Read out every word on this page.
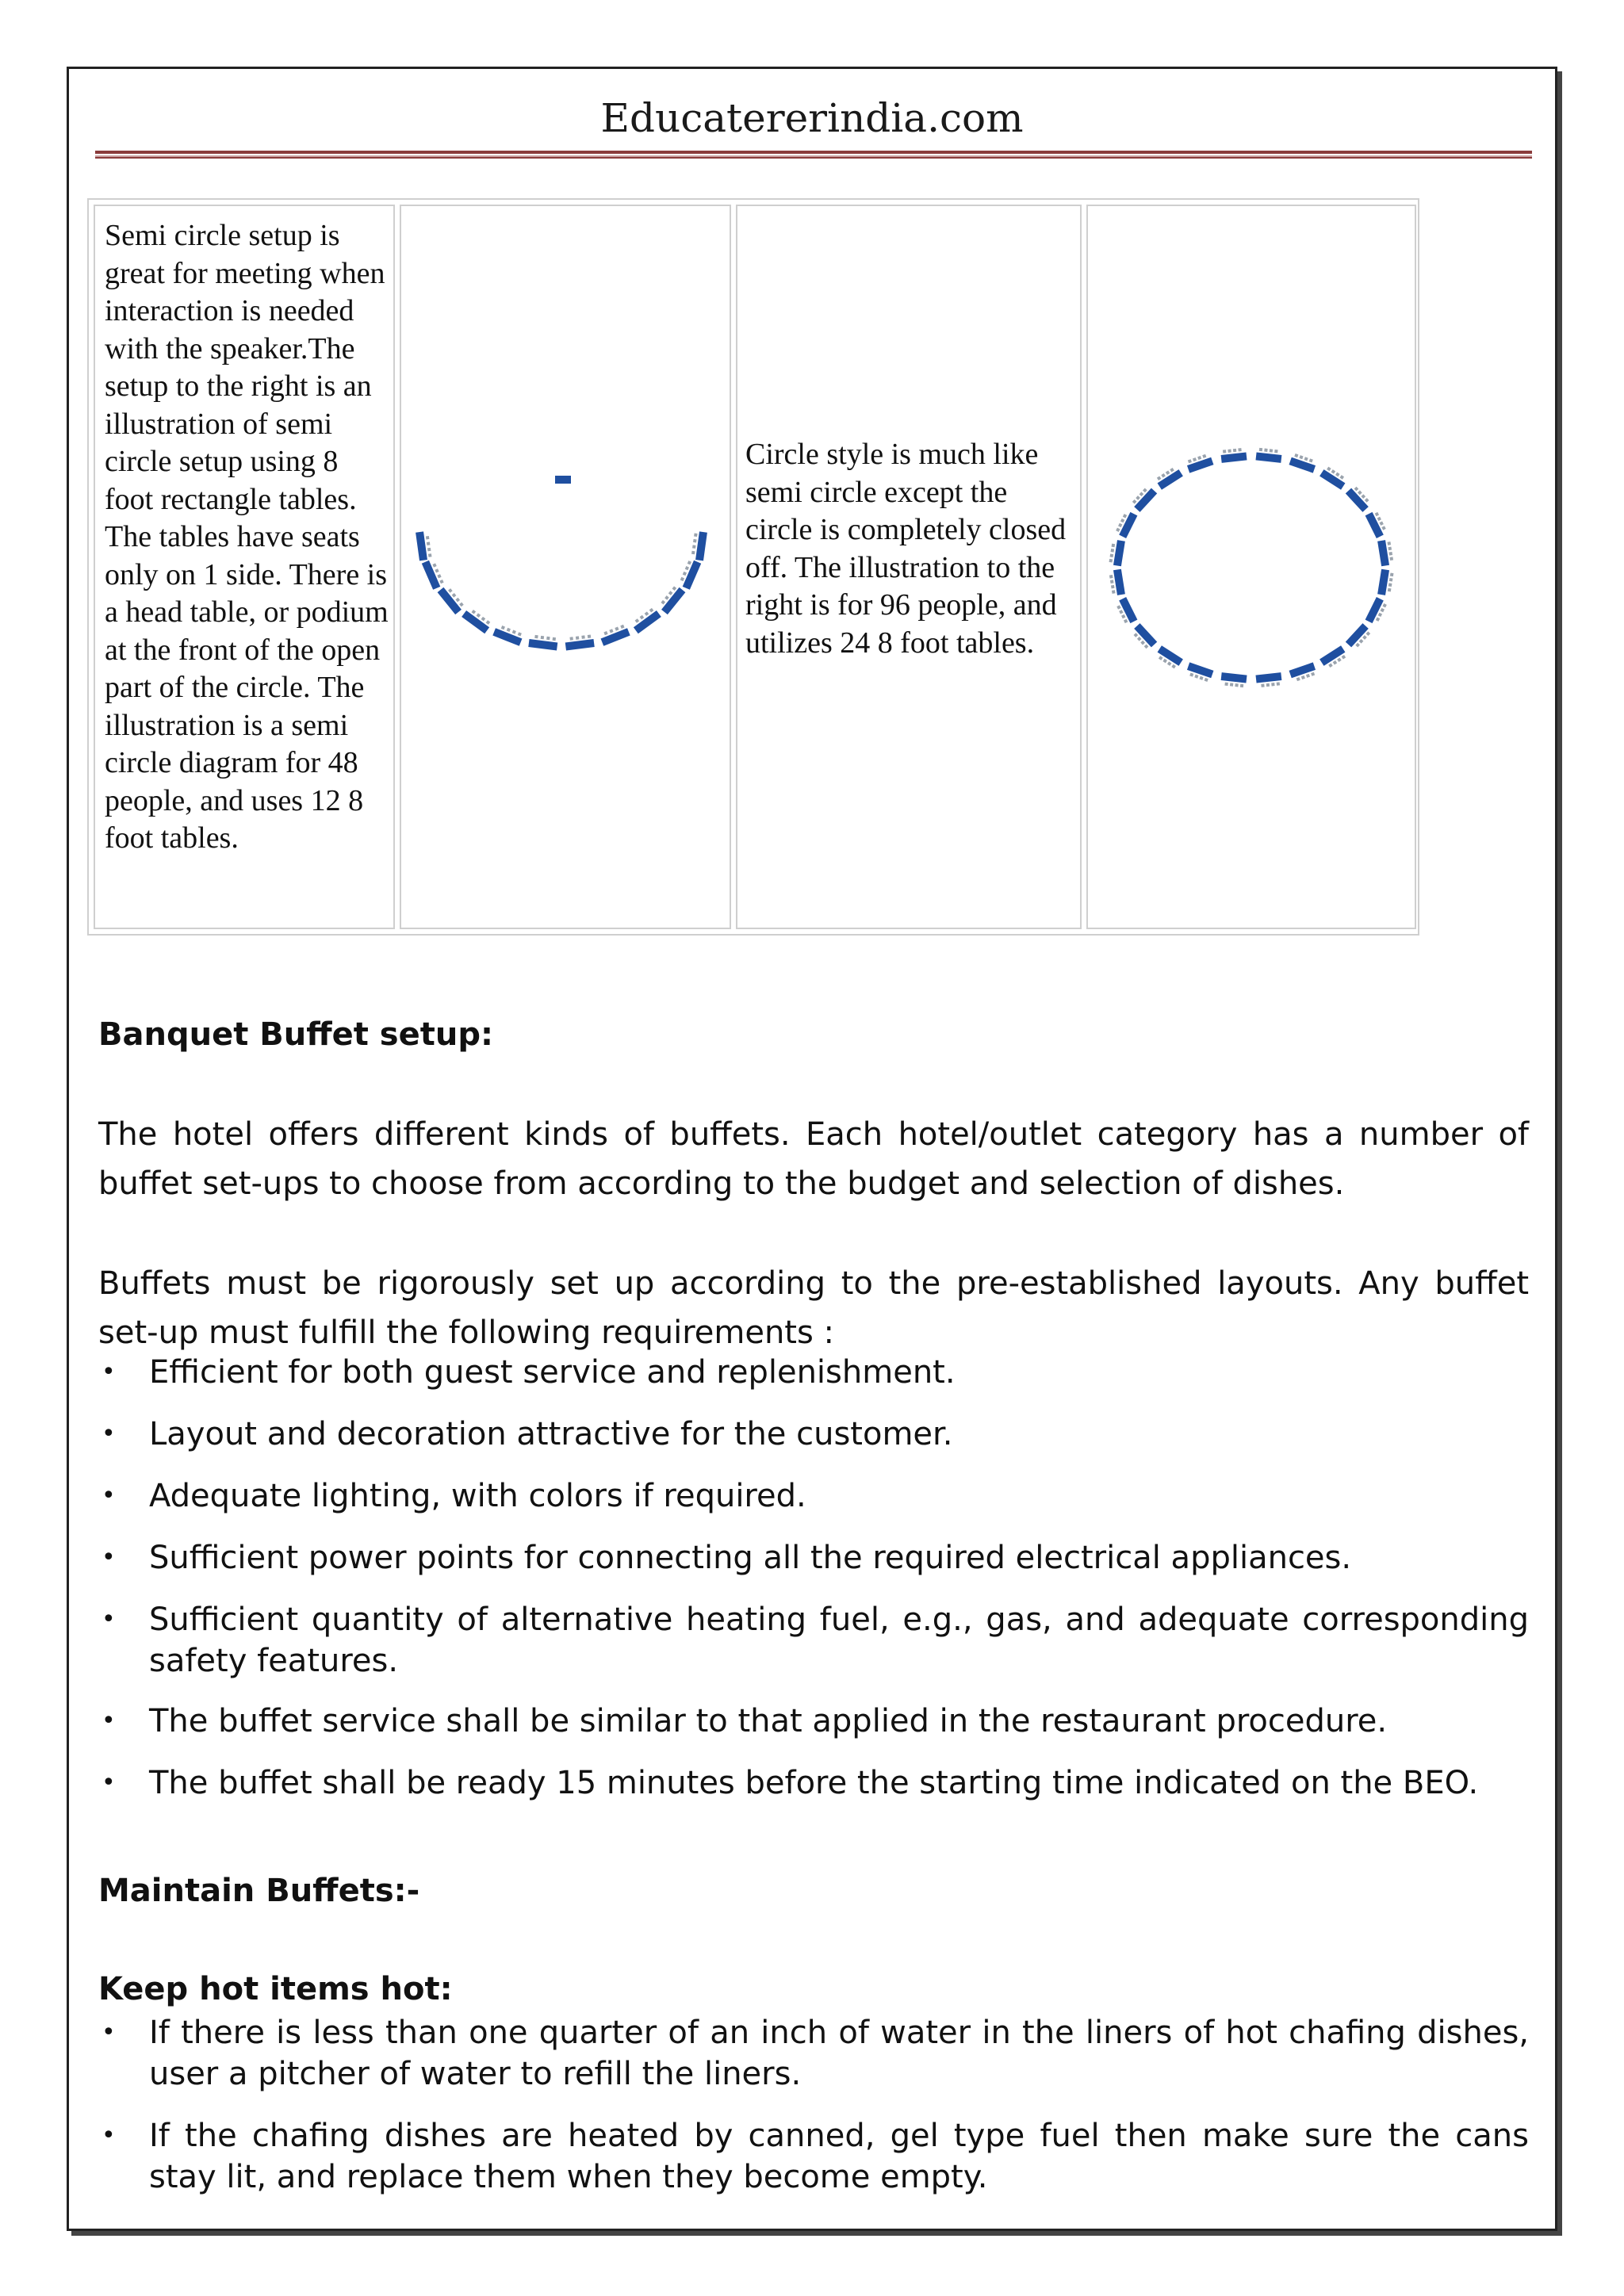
Educatererindia.com
Semi circle setup is great for meeting when interaction is needed with the speaker.The setup to the right is an illustration of semi circle setup using 8 foot rectangle tables. The tables have seats only on 1 side. There is a head table, or podium at the front of the open part of the circle. The illustration is a semi circle diagram for 48 people, and uses 12 8 foot tables.
Circle style is much like semi circle except the circle is completely closed off. The illustration to the right is for 96 people, and utilizes 24 8 foot tables.
Banquet Buffet setup:
The hotel offers different kinds of buffets. Each hotel/outlet category has a number of buffet set-ups to choose from according to the budget and selection of dishes.
Buffets must be rigorously set up according to the pre-established layouts. Any buffet set-up must fulfill the following requirements :
• Efficient for both guest service and replenishment.
• Layout and decoration attractive for the customer.
• Adequate lighting, with colors if required.
• Sufficient power points for connecting all the required electrical appliances.
• Sufficient quantity of alternative heating fuel, e.g., gas, and adequate corresponding safety features.
• The buffet service shall be similar to that applied in the restaurant procedure.
• The buffet shall be ready 15 minutes before the starting time indicated on the BEO.
Maintain Buffets:-
Keep hot items hot:
• If there is less than one quarter of an inch of water in the liners of hot chafing dishes, user a pitcher of water to refill the liners.
• If the chafing dishes are heated by canned, gel type fuel then make sure the cans stay lit, and replace them when they become empty.
